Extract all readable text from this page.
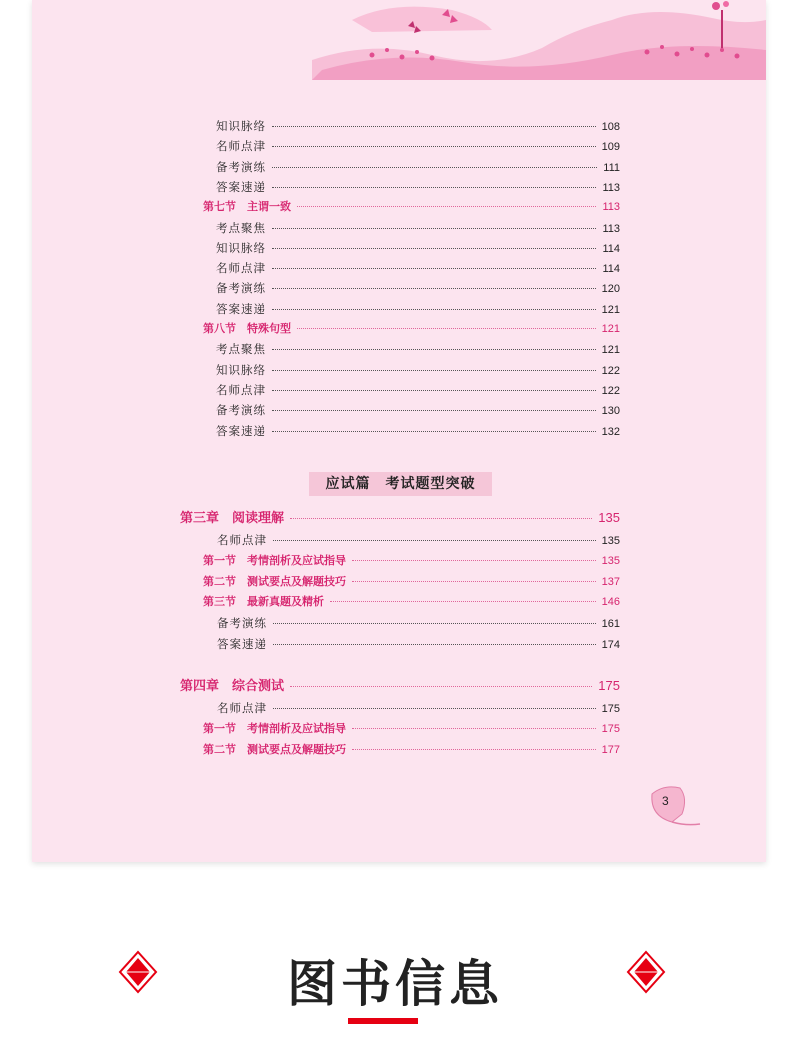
知识脉络	108
名师点津	109
备考演练	111
答案速递	113
第七节　主谓一致	113
考点聚焦	113
知识脉络	114
名师点津	114
备考演练	120
答案速递	121
第八节　特殊句型	121
考点聚焦	121
知识脉络	122
名师点津	122
备考演练	130
答案速递	132
应试篇　考试题型突破
第三章　阅读理解	135
名师点津	135
第一节　考情剖析及应试指导	135
第二节　测试要点及解题技巧	137
第三节　最新真题及精析	146
备考演练	161
答案速递	174
第四章　综合测试	175
名师点津	175
第一节　考情剖析及应试指导	175
第二节　测试要点及解题技巧	177
3
图书信息
